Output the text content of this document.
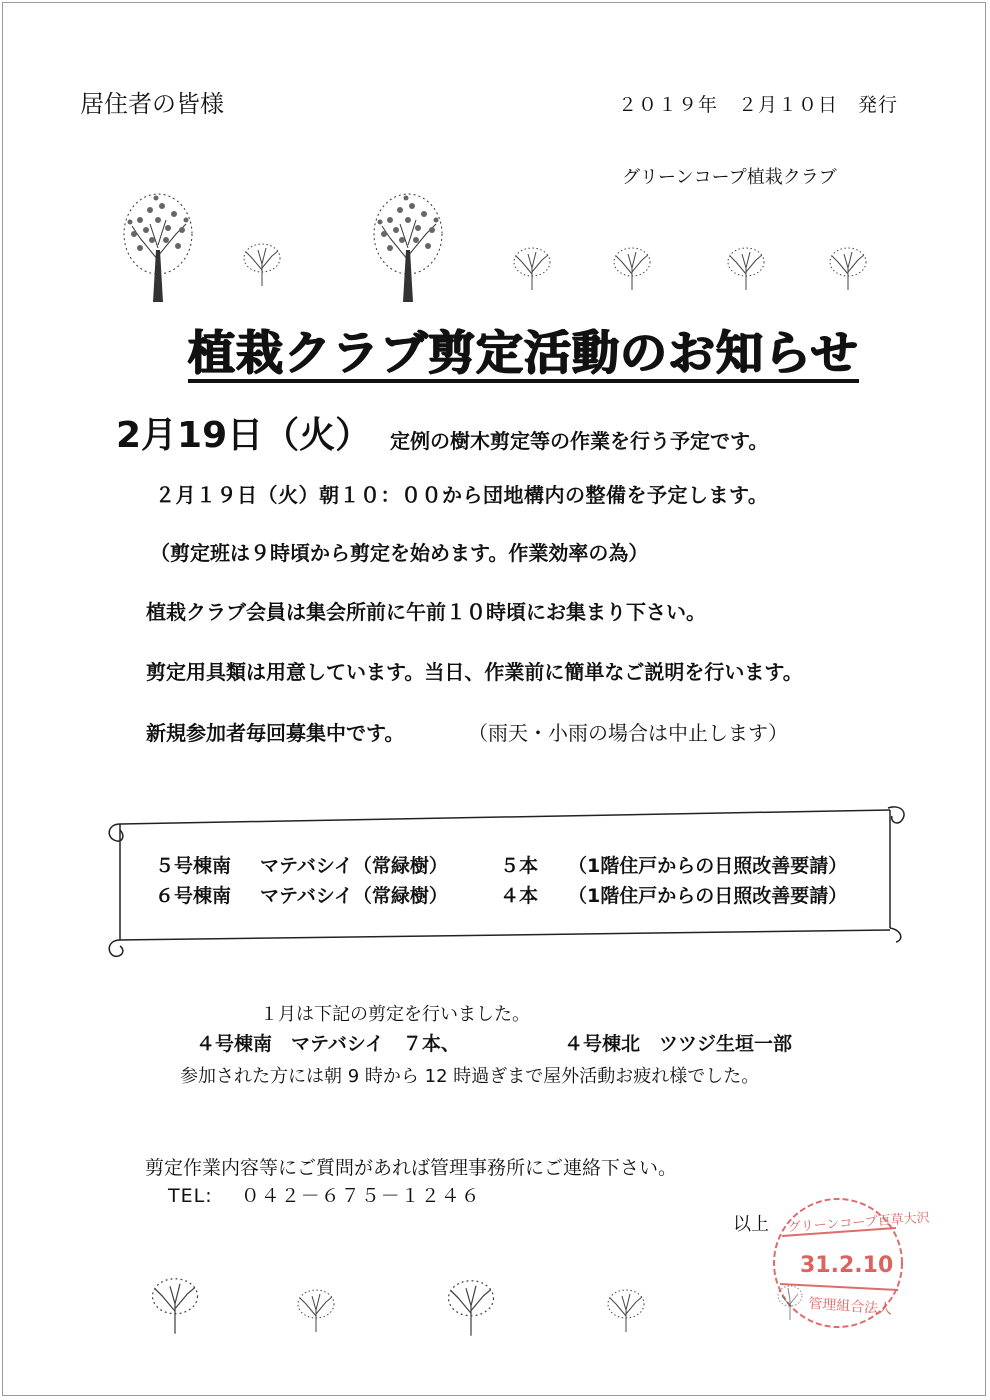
居住者の皆様	２０１９年　２月１０日　発行
グリーンコープ植栽クラブ
植栽クラブ剪定活動のお知らせ
2月19日（火） 定例の樹木剪定等の作業を行う予定です。
２月１９日（火）朝１０：００から団地構内の整備を予定します。
（剪定班は９時頃から剪定を始めます。作業効率の為）
植栽クラブ会員は集会所前に午前１０時頃にお集まり下さい。
剪定用具類は用意しています。当日、作業前に簡単なご説明を行います。
新規参加者毎回募集中です。	（雨天・小雨の場合は中止します）
５号棟南 マテバシイ（常緑樹）	５本 （1階住戸からの日照改善要請）
６号棟南 マテバシイ（常緑樹）	４本 （1階住戸からの日照改善要請）
１月は下記の剪定を行いました。
４号棟南　マテバシイ　７本、	４号棟北　ツツジ生垣一部
参加された方には朝 9 時から 12 時過ぎまで屋外活動お疲れ様でした。
剪定作業内容等にご質問があれば管理事務所にご連絡下さい。
TEL: ０４２－６７５－１２４６
以上 グリーンコープ百草大沢
31.2.10
管理組合法人
